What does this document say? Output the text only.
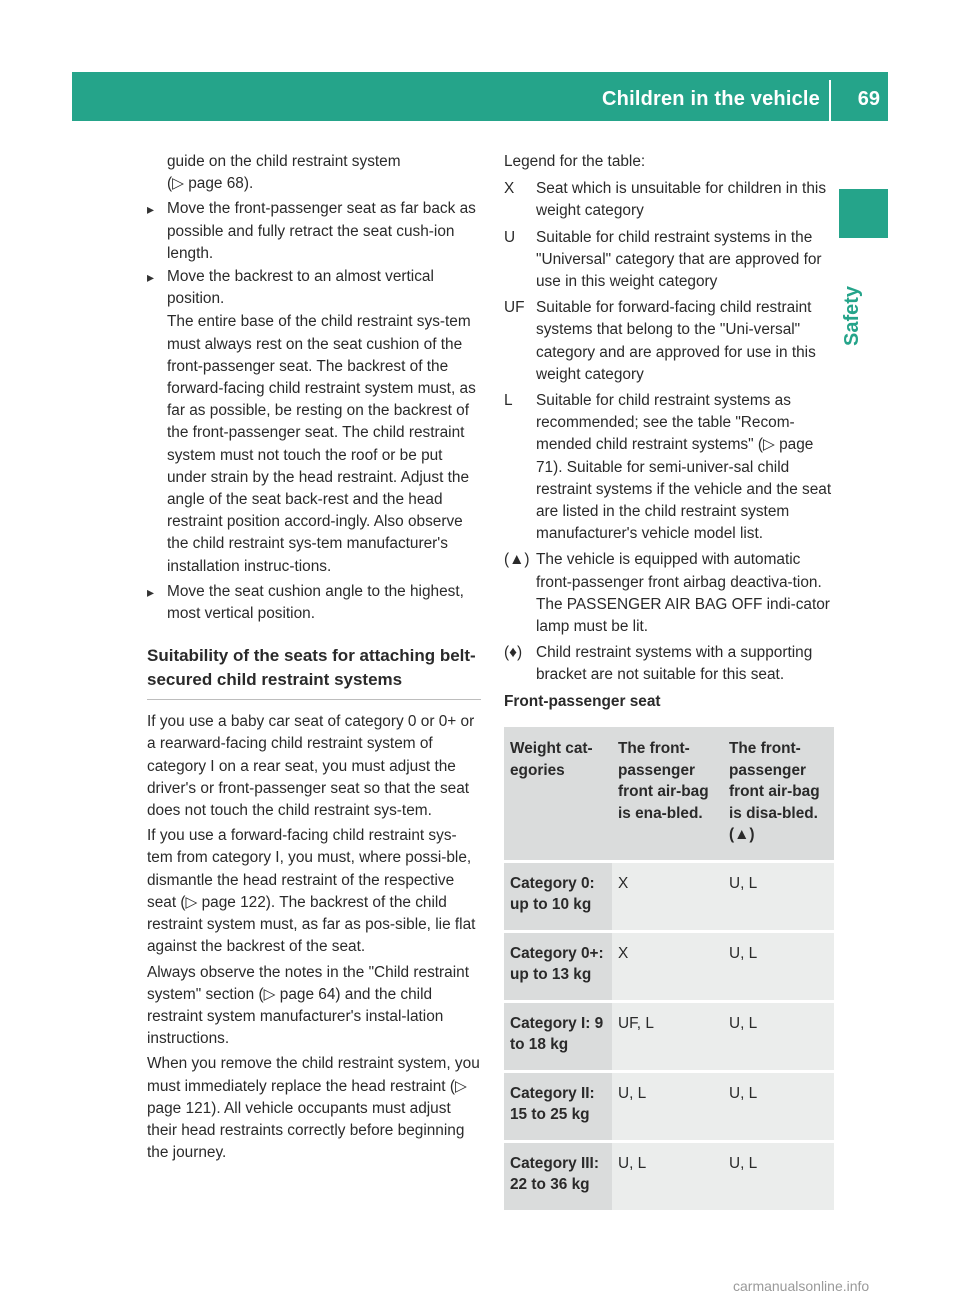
Children in the vehicle 69
Safety

guide on the child restraint system
(▷ page 68).

▸ Move the front-passenger seat as far back as possible and fully retract the seat cush-ion length.
▸ Move the backrest to an almost vertical position.

The entire base of the child restraint sys-tem must always rest on the seat cushion of the front-passenger seat. The backrest of the forward-facing child restraint system must, as far as possible, be resting on the backrest of the front-passenger seat. The child restraint system must not touch the roof or be put under strain by the head restraint. Adjust the angle of the seat back-rest and the head restraint position accord-ingly. Also observe the child restraint sys-tem manufacturer's installation instruc-tions.

▸ Move the seat cushion angle to the highest, most vertical position.
Suitability of the seats for attaching belt-secured child restraint systems

If you use a baby car seat of category 0 or 0+ or a rearward-facing child restraint system of category I on a rear seat, you must adjust the driver's or front-passenger seat so that the seat does not touch the child restraint sys-tem.

If you use a forward-facing child restraint sys-tem from category I, you must, where possi-ble, dismantle the head restraint of the respective seat (▷ page 122). The backrest of the child restraint system must, as far as pos-sible, lie flat against the backrest of the seat.

Always observe the notes in the "Child restraint system" section (▷ page 64) and the child restraint system manufacturer's instal-lation instructions.

When you remove the child restraint system, you must immediately replace the head restraint (▷ page 121). All vehicle occupants must adjust their head restraints correctly before beginning the journey.

Legend for the table:

X Seat which is unsuitable for children in this weight category
U Suitable for child restraint systems in the "Universal" category that are approved for use in this weight category
UF Suitable for forward-facing child restraint systems that belong to the "Uni-versal" category and are approved for use in this weight category
L Suitable for child restraint systems as recommended; see the table "Recom-mended child restraint systems" (▷ page 71). Suitable for semi-univer-sal child restraint systems if the vehicle and the seat are listed in the child restraint system manufacturer's vehicle model list.
(▲) The vehicle is equipped with automatic front-passenger front airbag deactiva-tion. The PASSENGER AIR BAG OFF indi-cator lamp must be lit.
(♦) Child restraint systems with a supporting bracket are not suitable for this seat.

Front-passenger seat

Weight cat-egories	The front-passenger front air-bag is ena-bled.	The front-passenger front air-bag is disa-bled. (▲)
Category 0: up to 10 kg	X	U, L
Category 0+: up to 13 kg	X	U, L
Category I: 9 to 18 kg	UF, L	U, L
Category II: 15 to 25 kg	U, L	U, L
Category III: 22 to 36 kg	U, L	U, L
carmanualsonline.info
